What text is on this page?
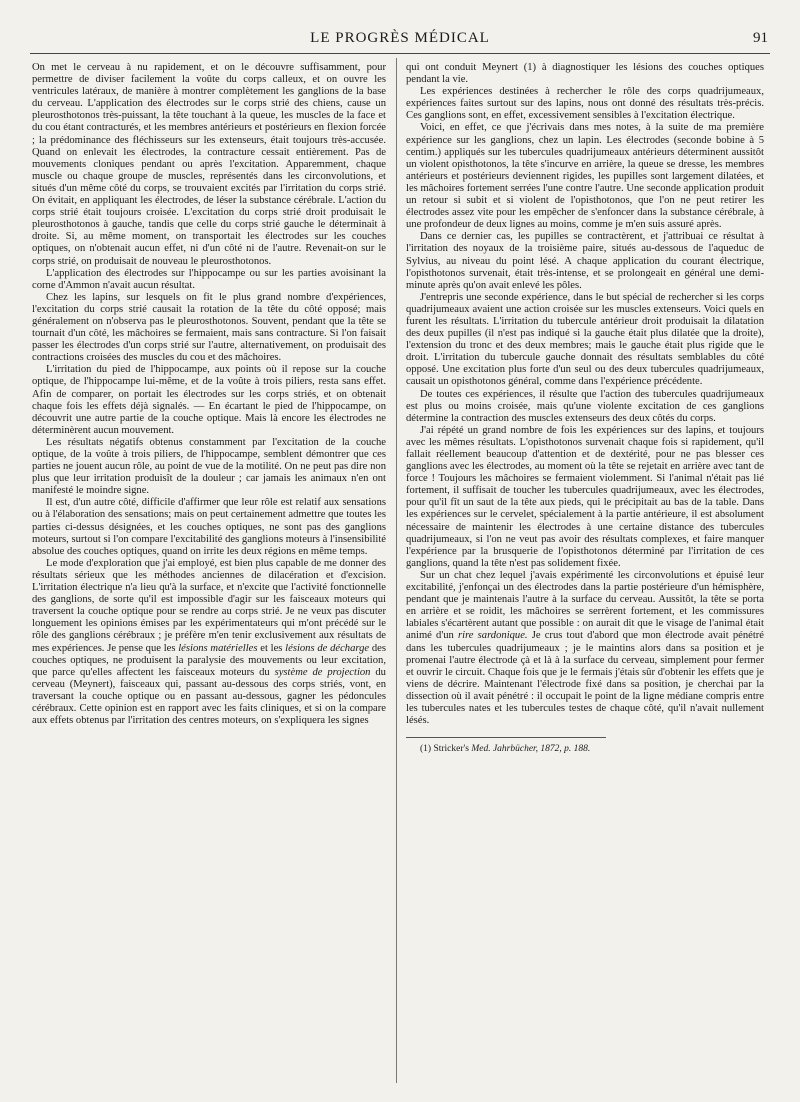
LE PROGRÈS MÉDICAL	91

On met le cerveau à nu rapidement, et on le découvre suffisamment, pour permettre de diviser facilement la voûte du corps calleux, et on ouvre les ventricules latéraux, de manière à montrer complètement les ganglions de la base du cerveau. L'application des électrodes sur le corps strié des chiens, cause un pleurosthotonos très-puissant, la tête touchant à la queue, les muscles de la face et du cou étant contracturés, et les membres antérieurs et postérieurs en flexion forcée ; la prédominance des fléchisseurs sur les extenseurs, était toujours très-accusée. Quand on enlevait les électrodes, la contracture cessait entièrement. Pas de mouvements cloniques pendant ou après l'excitation. Apparemment, chaque muscle ou chaque groupe de muscles, représentés dans les circonvolutions, et situés d'un même côté du corps, se trouvaient excités par l'irritation du corps strié. On évitait, en appliquant les électrodes, de léser la substance cérébrale. L'action du corps strié était toujours croisée. L'excitation du corps strié droit produisait le pleurosthotonos à gauche, tandis que celle du corps strié gauche le déterminait à droite. Si, au même moment, on transportait les électrodes sur les couches optiques, on n'obtenait aucun effet, ni d'un côté ni de l'autre. Revenait-on sur le corps strié, on produisait de nouveau le pleurosthotonos.

L'application des électrodes sur l'hippocampe ou sur les parties avoisinant la corne d'Ammon n'avait aucun résultat.

Chez les lapins, sur lesquels on fit le plus grand nombre d'expériences, l'excitation du corps strié causait la rotation de la tête du côté opposé; mais généralement on n'observa pas le pleurosthotonos. Souvent, pendant que la tête se tournait d'un côté, les mâchoires se fermaient, mais sans contracture. Si l'on faisait passer les électrodes d'un corps strié sur l'autre, alternativement, on produisait des contractions croisées des muscles du cou et des mâchoires.

L'irritation du pied de l'hippocampe, aux points où il repose sur la couche optique, de l'hippocampe lui-même, et de la voûte à trois piliers, resta sans effet. Afin de comparer, on portait les électrodes sur les corps striés, et on obtenait chaque fois les effets déjà signalés. — En écartant le pied de l'hippocampe, on découvrit une autre partie de la couche optique. Mais là encore les électrodes ne déterminèrent aucun mouvement.

Les résultats négatifs obtenus constamment par l'excitation de la couche optique, de la voûte à trois piliers, de l'hippocampe, semblent démontrer que ces parties ne jouent aucun rôle, au point de vue de la motilité. On ne peut pas dire non plus que leur irritation produisît de la douleur ; car jamais les animaux n'en ont manifesté le moindre signe.

Il est, d'un autre côté, difficile d'affirmer que leur rôle est relatif aux sensations ou à l'élaboration des sensations; mais on peut certainement admettre que toutes les parties ci-dessus désignées, et les couches optiques, ne sont pas des ganglions moteurs, surtout si l'on compare l'excitabilité des ganglions moteurs à l'insensibilité absolue des couches optiques, quand on irrite les deux régions en même temps.

Le mode d'exploration que j'ai employé, est bien plus capable de me donner des résultats sérieux que les méthodes anciennes de dilacération et d'excision. L'irritation électrique n'a lieu qu'à la surface, et n'excite que l'activité fonctionnelle des ganglions, de sorte qu'il est impossible d'agir sur les faisceaux moteurs qui traversent la couche optique pour se rendre au corps strié. Je ne veux pas discuter longuement les opinions émises par les expérimentateurs qui m'ont précédé sur le rôle des ganglions cérébraux ; je préfère m'en tenir exclusivement aux résultats de mes expériences. Je pense que les lésions matérielles et les lésions de décharge des couches optiques, ne produisent la paralysie des mouvements ou leur excitation, que parce qu'elles affectent les faisceaux moteurs du système de projection du cerveau (Meynert), faisceaux qui, passant au-dessous des corps striés, vont, en traversant la couche optique ou en passant au-dessous, gagner les pédoncules cérébraux. Cette opinion est en rapport avec les faits cliniques, et si on la compare aux effets obtenus par l'irritation des centres moteurs, on s'expliquera les signes

qui ont conduit Meynert (1) à diagnostiquer les lésions des couches optiques pendant la vie.

Les expériences destinées à rechercher le rôle des corps quadrijumeaux, expériences faites surtout sur des lapins, nous ont donné des résultats très-précis. Ces ganglions sont, en effet, excessivement sensibles à l'excitation électrique.

Voici, en effet, ce que j'écrivais dans mes notes, à la suite de ma première expérience sur les ganglions, chez un lapin. Les électrodes (seconde bobine à 5 centim.) appliqués sur les tubercules quadrijumeaux antérieurs déterminent aussitôt un violent opisthotonos, la tête s'incurve en arrière, la queue se dresse, les membres antérieurs et postérieurs deviennent rigides, les pupilles sont largement dilatées, et les mâchoires fortement serrées l'une contre l'autre. Une seconde application produit un retour si subit et si violent de l'opisthotonos, que l'on ne peut retirer les électrodes assez vite pour les empêcher de s'enfoncer dans la substance cérébrale, à une profondeur de deux lignes au moins, comme je m'en suis assuré après.

Dans ce dernier cas, les pupilles se contractèrent, et j'attribuai ce résultat à l'irritation des noyaux de la troisième paire, situés au-dessous de l'aqueduc de Sylvius, au niveau du point lésé. A chaque application du courant électrique, l'opisthotonos survenait, était très-intense, et se prolongeait en général une demi-minute après qu'on avait enlevé les pôles.

J'entrepris une seconde expérience, dans le but spécial de rechercher si les corps quadrijumeaux avaient une action croisée sur les muscles extenseurs. Voici quels en furent les résultats. L'irritation du tubercule antérieur droit produisait la dilatation des deux pupilles (il n'est pas indiqué si la gauche était plus dilatée que la droite), l'extension du tronc et des deux membres; mais le gauche était plus rigide que le droit. L'irritation du tubercule gauche donnait des résultats semblables du côté opposé. Une excitation plus forte d'un seul ou des deux tubercules quadrijumeaux, causait un opisthotonos général, comme dans l'expérience précédente.

De toutes ces expériences, il résulte que l'action des tubercules quadrijumeaux est plus ou moins croisée, mais qu'une violente excitation de ces ganglions détermine la contraction des muscles extenseurs des deux côtés du corps.

J'ai répété un grand nombre de fois les expériences sur des lapins, et toujours avec les mêmes résultats. L'opisthotonos survenait chaque fois si rapidement, qu'il fallait réellement beaucoup d'attention et de dextérité, pour ne pas blesser ces ganglions avec les électrodes, au moment où la tête se rejetait en arrière avec tant de force ! Toujours les mâchoires se fermaient violemment. Si l'animal n'était pas lié fortement, il suffisait de toucher les tubercules quadrijumeaux, avec les électrodes, pour qu'il fît un saut de la tête aux pieds, qui le précipitait au bas de la table. Dans les expériences sur le cervelet, spécialement à la partie antérieure, il est absolument nécessaire de maintenir les électrodes à une certaine distance des tubercules quadrijumeaux, si l'on ne veut pas avoir des résultats complexes, et faire manquer l'expérience par la brusquerie de l'opisthotonos déterminé par l'irritation de ces ganglions, quand la tête n'est pas solidement fixée.

Sur un chat chez lequel j'avais expérimenté les circonvolutions et épuisé leur excitabilité, j'enfonçai un des électrodes dans la partie postérieure d'un hémisphère, pendant que je maintenais l'autre à la surface du cerveau. Aussitôt, la tête se porta en arrière et se roidit, les mâchoires se serrèrent fortement, et les commissures labiales s'écartèrent autant que possible : on aurait dit que le visage de l'animal était animé d'un rire sardonique. Je crus tout d'abord que mon électrode avait pénétré dans les tubercules quadrijumeaux ; je le maintins alors dans sa position et je promenai l'autre électrode çà et là à la surface du cerveau, simplement pour fermer et ouvrir le circuit. Chaque fois que je le fermais j'étais sûr d'obtenir les effets que je viens de décrire. Maintenant l'électrode fixé dans sa position, je cherchai par la dissection où il avait pénétré : il occupait le point de la ligne médiane compris entre les tubercules nates et les tubercules testes de chaque côté, qu'il n'avait nullement lésés.

(1) Stricker's Med. Jahrbücher, 1872, p. 188.
